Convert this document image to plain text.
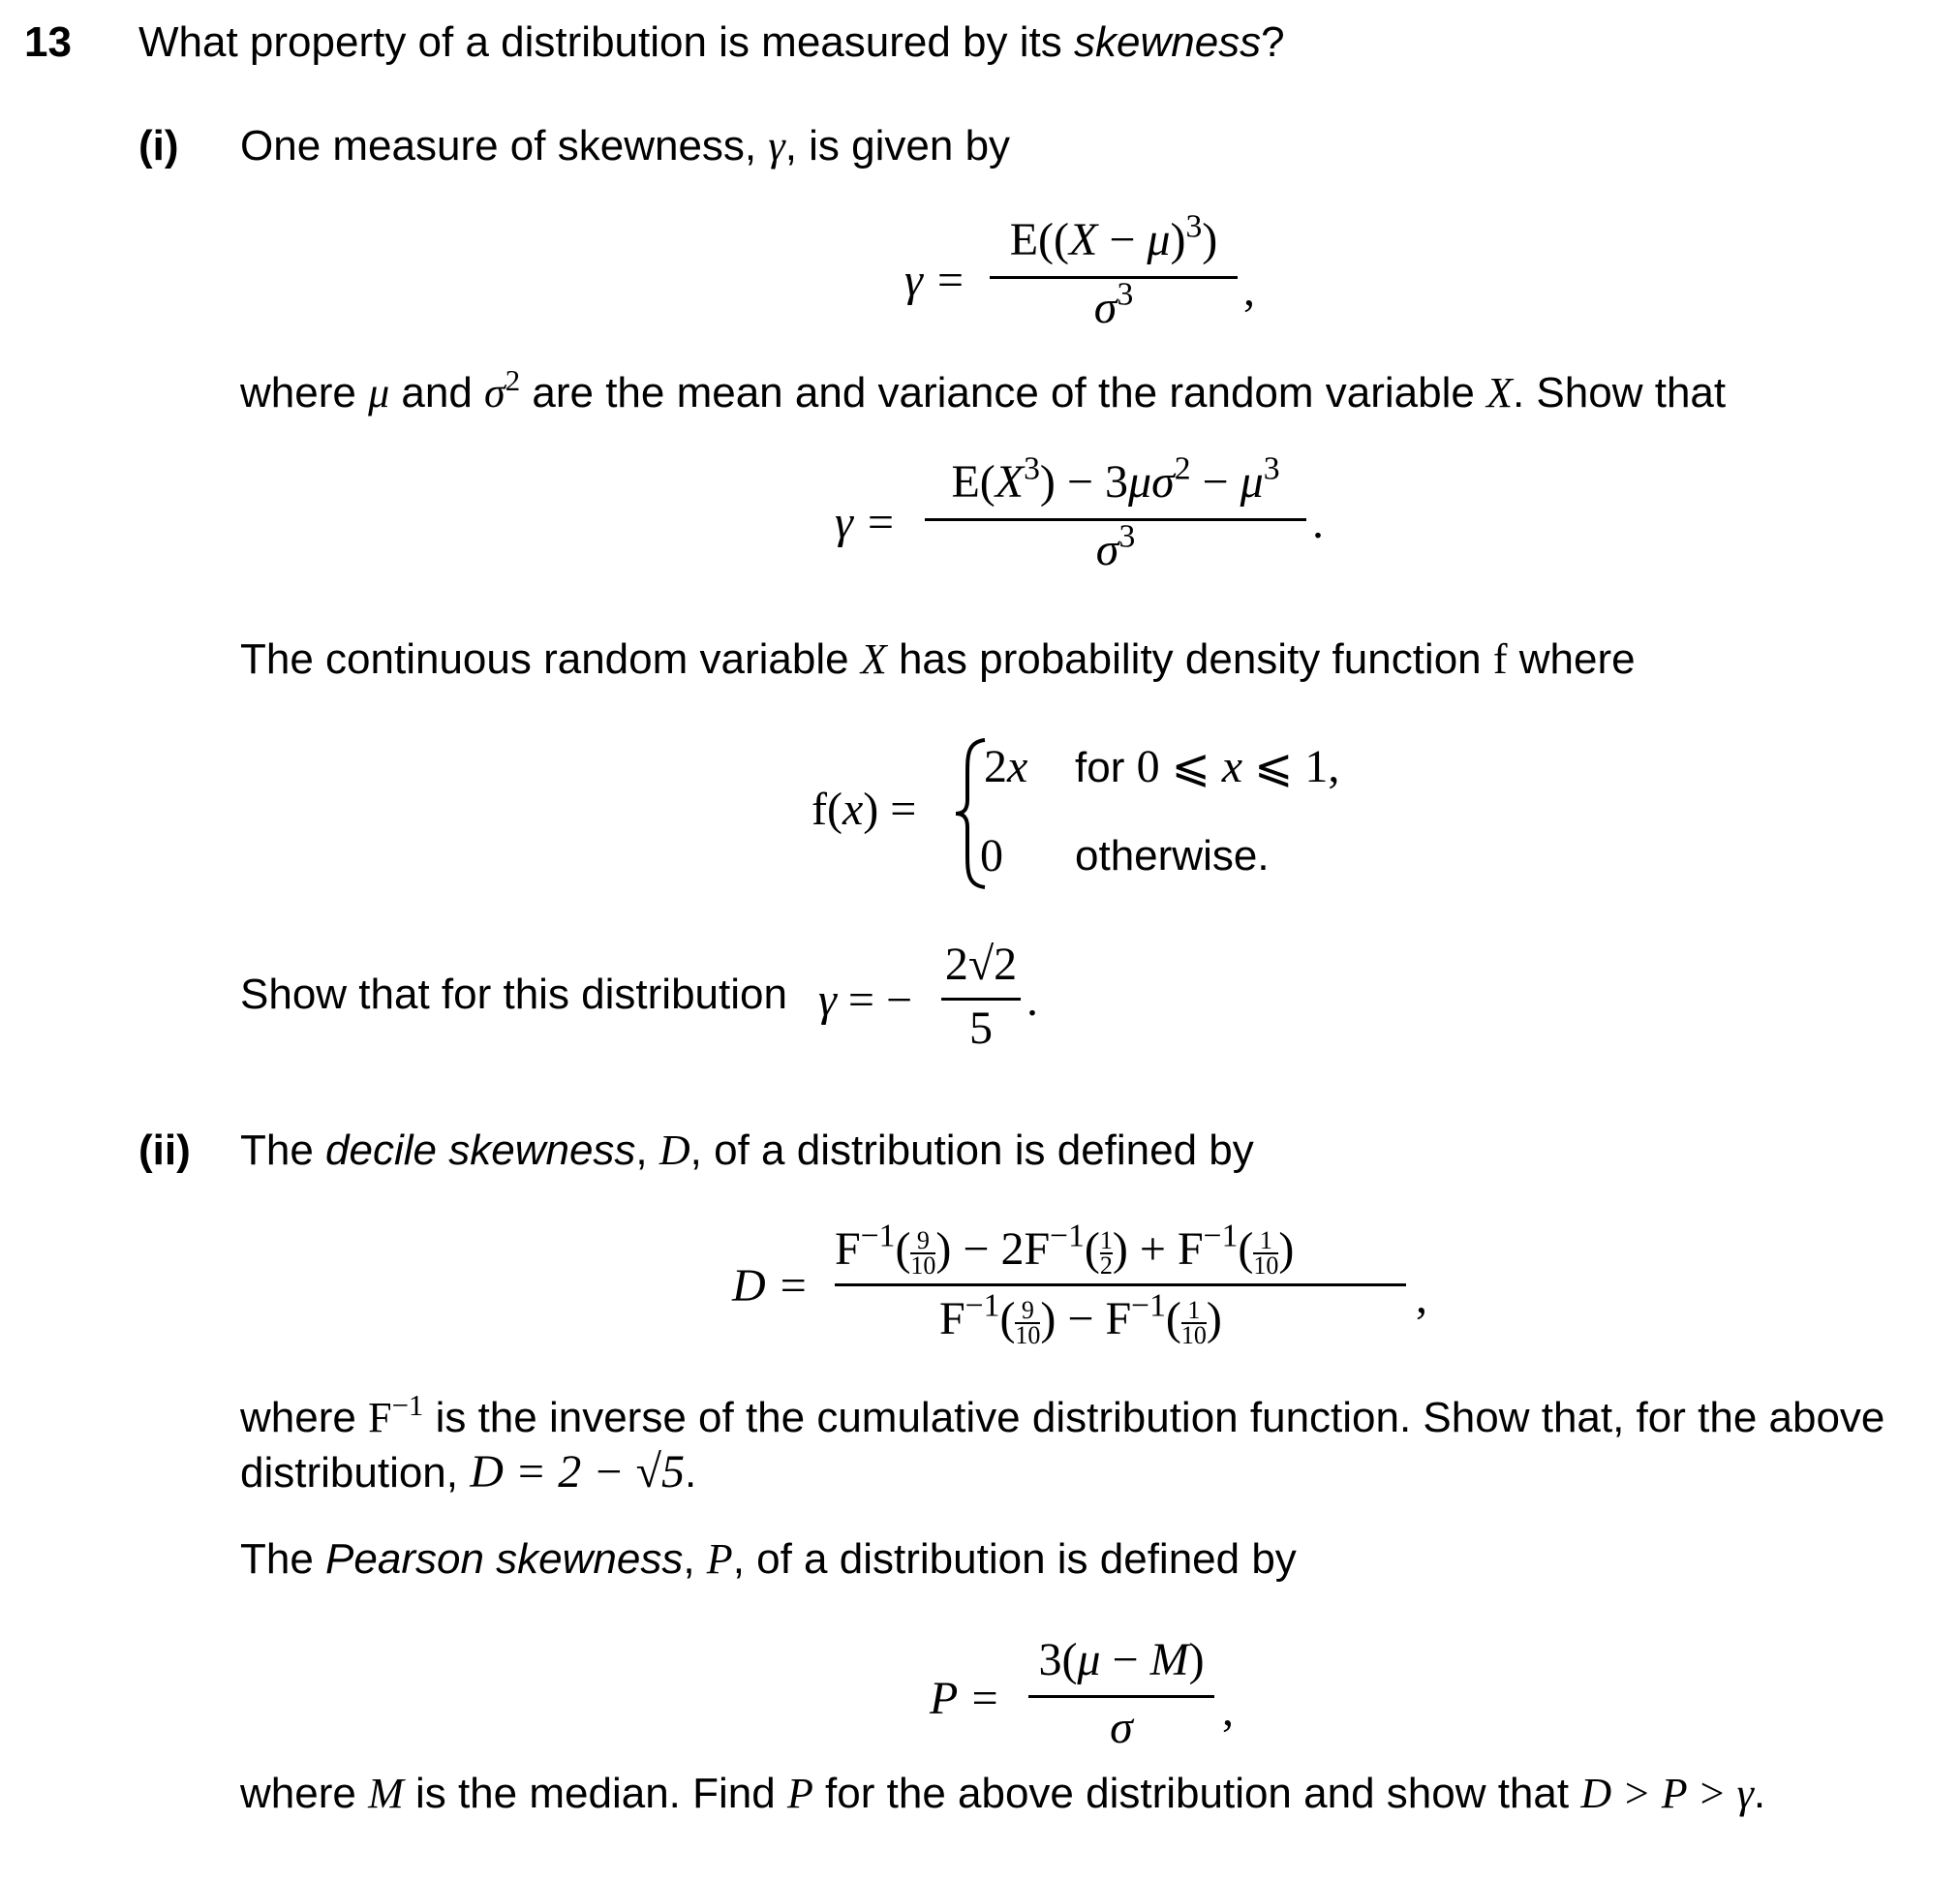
13 What property of a distribution is measured by its skewness?
(i) One measure of skewness, γ, is given by
γ =
$E((X - \mu)^3)$
$\sigma^3$	,
where μ and $\sigma^2$ are the mean and variance of the random variable X. Show that
γ =
$E(X^3) - 3\mu\sigma^2 - \mu^3$
$\sigma^3$	.
The continuous random variable X has probability density function f where
f(x) =
2x for 0 ⩽ x ⩽ 1,
0 otherwise.
Show that for this distribution γ = −
2√2
5
.
(ii) The decile skewness, D, of a distribution is defined by
D =
$F^{-1}( \frac{9}{10}$ ) − $2F^{-1}( \frac{1}{2}$ ) + $F^{-1}( \frac{1}{10}$ )
$F^{-1}( \frac{9}{10}$ ) − $F^{-1}( \frac{1}{10}$ )	,
where $F^{-1}$ is the inverse of the cumulative distribution function. Show that, for the above
distribution, D = 2 − √5.
The Pearson skewness, P, of a distribution is defined by
P =
3(μ − M)
σ	,
where M is the median. Find P for the above distribution and show that D > P > γ.
